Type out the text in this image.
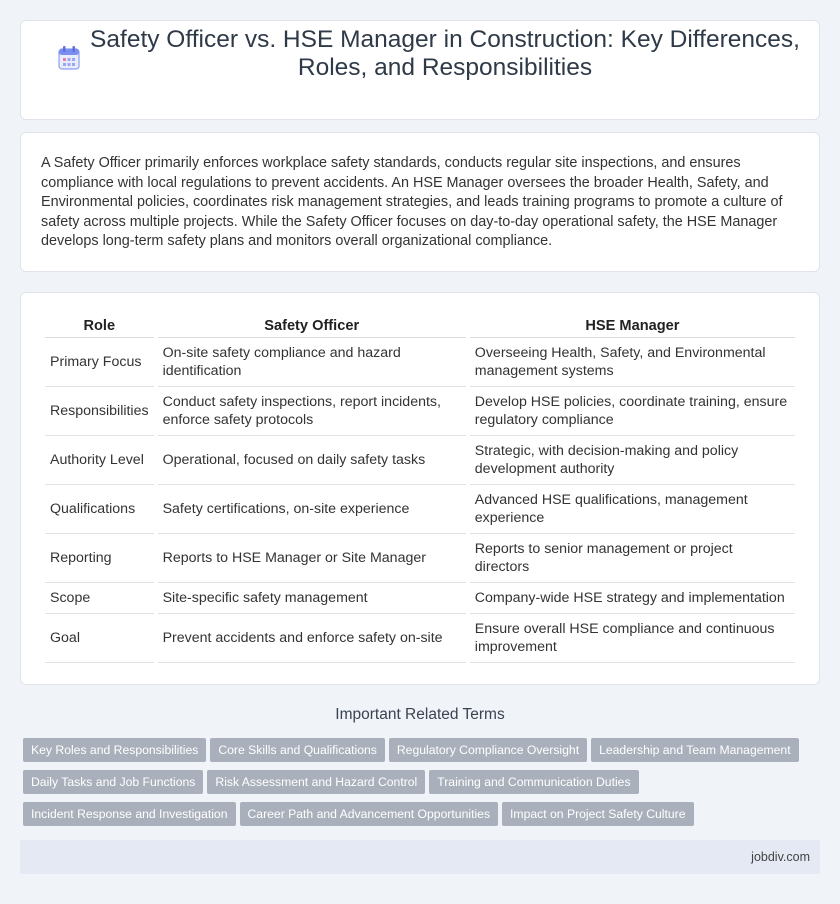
Safety Officer vs. HSE Manager in Construction: Key Differences, Roles, and Responsibilities

A Safety Officer primarily enforces workplace safety standards, conducts regular site inspections, and ensures compliance with local regulations to prevent accidents. An HSE Manager oversees the broader Health, Safety, and Environmental policies, coordinates risk management strategies, and leads training programs to promote a culture of safety across multiple projects. While the Safety Officer focuses on day-to-day operational safety, the HSE Manager develops long-term safety plans and monitors overall organizational compliance.

Role	Safety Officer	HSE Manager
Primary Focus	On-site safety compliance and hazard identification	Overseeing Health, Safety, and Environmental management systems
Responsibilities	Conduct safety inspections, report incidents, enforce safety protocols	Develop HSE policies, coordinate training, ensure regulatory compliance
Authority Level	Operational, focused on daily safety tasks	Strategic, with decision-making and policy development authority
Qualifications	Safety certifications, on-site experience	Advanced HSE qualifications, management experience
Reporting	Reports to HSE Manager or Site Manager	Reports to senior management or project directors
Scope	Site-specific safety management	Company-wide HSE strategy and implementation
Goal	Prevent accidents and enforce safety on-site	Ensure overall HSE compliance and continuous improvement
Important Related Terms
Key Roles and Responsibilities Core Skills and Qualifications Regulatory Compliance Oversight Leadership and Team Management
Daily Tasks and Job Functions Risk Assessment and Hazard Control Training and Communication Duties
Incident Response and Investigation Career Path and Advancement Opportunities Impact on Project Safety Culture
jobdiv.com
